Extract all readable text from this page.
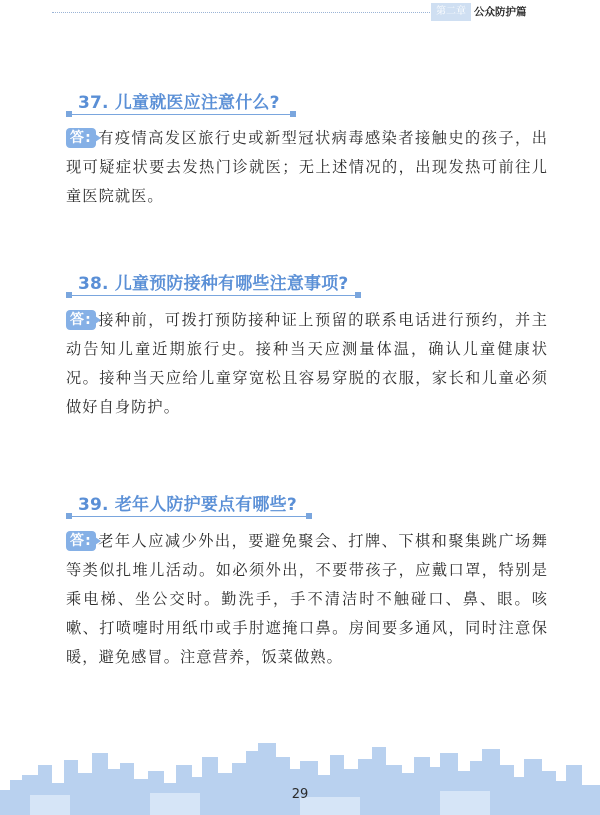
第二章 公众防护篇
37. 儿童就医应注意什么?
答: 有疫情高发区旅行史或新型冠状病毒感染者接触史的孩子，出现可疑症状要去发热门诊就医；无上述情况的，出现发热可前往儿童医院就医。
38. 儿童预防接种有哪些注意事项?
答: 接种前，可拨打预防接种证上预留的联系电话进行预约，并主动告知儿童近期旅行史。接种当天应测量体温，确认儿童健康状况。接种当天应给儿童穿宽松且容易穿脱的衣服，家长和儿童必须做好自身防护。
39. 老年人防护要点有哪些?
答: 老年人应减少外出，要避免聚会、打牌、下棋和聚集跳广场舞等类似扎堆儿活动。如必须外出，不要带孩子，应戴口罩，特别是乘电梯、坐公交时。勤洗手，手不清洁时不触碰口、鼻、眼。咳嗽、打喷嚏时用纸巾或手肘遮掩口鼻。房间要多通风，同时注意保暖，避免感冒。注意营养，饭菜做熟。
29
